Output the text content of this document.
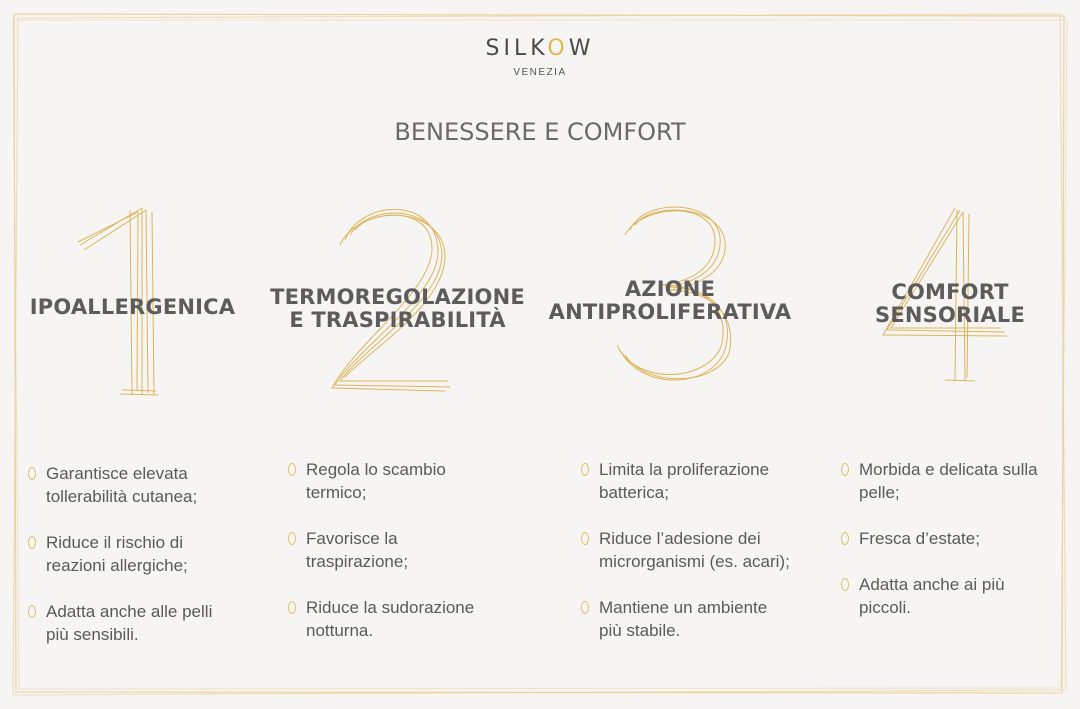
SILKOW
VENEZIA
BENESSERE E COMFORT
IPOALLERGENICA
Garantisce elevata
tollerabilità cutanea;
Riduce il rischio di
reazioni allergiche;
Adatta anche alle pelli
più sensibili.
TERMOREGOLAZIONE
E TRASPIRABILITÀ
Regola lo scambio
termico;
Favorisce la
traspirazione;
Riduce la sudorazione
notturna.
AZIONE
ANTIPROLIFERATIVA
Limita la proliferazione
batterica;
Riduce l’adesione dei
microrganismi (es. acari);
Mantiene un ambiente
più stabile.
COMFORT
SENSORIALE
Morbida e delicata sulla
pelle;
Fresca d’estate;
Adatta anche ai più
piccoli.
